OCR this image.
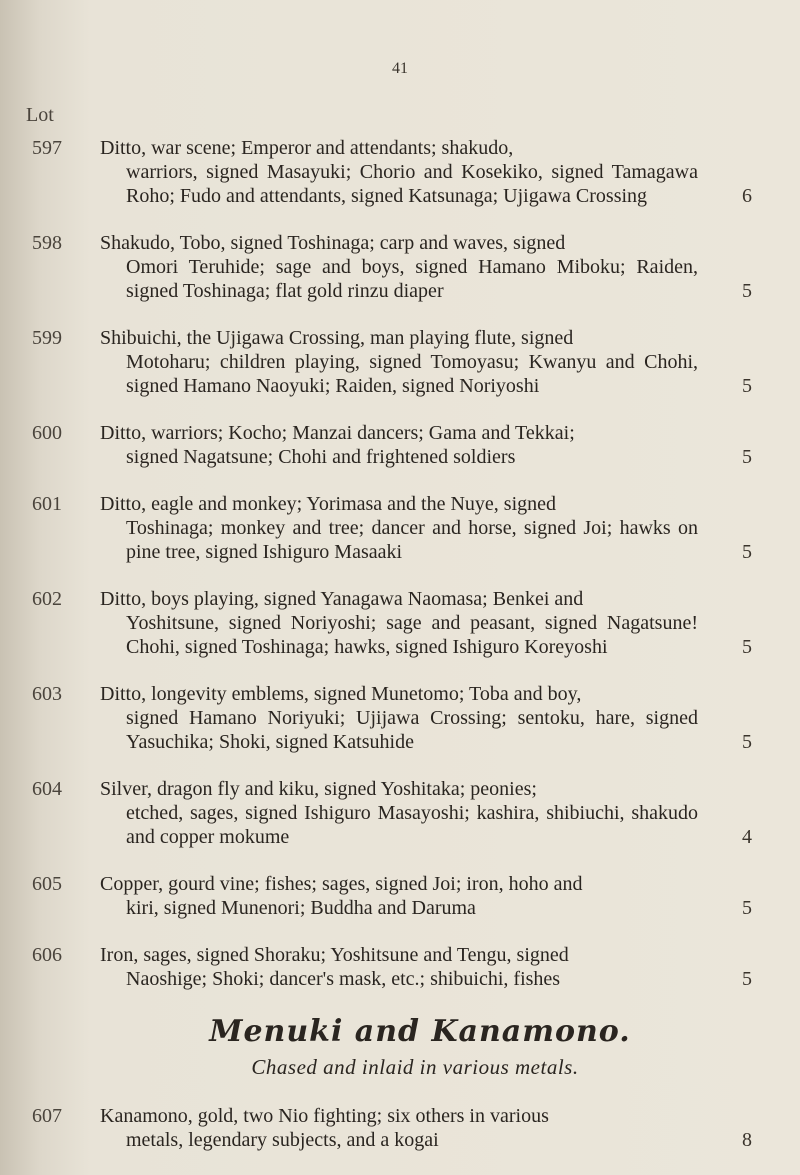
41
Lot
597	Ditto, war scene; Emperor and attendants; shakudo,
warriors, signed Masayuki; Chorio and Kosekiko, signed Tamagawa Roho; Fudo and attendants, signed Katsunaga; Ujigawa Crossing	6
598	Shakudo, Tobo, signed Toshinaga; carp and waves, signed
Omori Teruhide; sage and boys, signed Hamano Miboku; Raiden, signed Toshinaga; flat gold rinzu diaper	5
599	Shibuichi, the Ujigawa Crossing, man playing flute, signed
Motoharu; children playing, signed Tomoyasu; Kwanyu and Chohi, signed Hamano Naoyuki; Raiden, signed Noriyoshi	5
600	Ditto, warriors; Kocho; Manzai dancers; Gama and Tekkai;
signed Nagatsune; Chohi and frightened soldiers	5
601	Ditto, eagle and monkey; Yorimasa and the Nuye, signed
Toshinaga; monkey and tree; dancer and horse, signed Joi; hawks on pine tree, signed Ishiguro Masaaki	5
602	Ditto, boys playing, signed Yanagawa Naomasa; Benkei and
Yoshitsune, signed Noriyoshi; sage and peasant, signed Nagatsune! Chohi, signed Toshinaga; hawks, signed Ishiguro Koreyoshi	5
603	Ditto, longevity emblems, signed Munetomo; Toba and boy,
signed Hamano Noriyuki; Ujijawa Crossing; sentoku, hare, signed Yasuchika; Shoki, signed Katsuhide	5
604	Silver, dragon fly and kiku, signed Yoshitaka; peonies;
etched, sages, signed Ishiguro Masayoshi; kashira, shibiuchi, shakudo and copper mokume	4
605	Copper, gourd vine; fishes; sages, signed Joi; iron, hoho and
kiri, signed Munenori; Buddha and Daruma	5
606	Iron, sages, signed Shoraku; Yoshitsune and Tengu, signed
Naoshige; Shoki; dancer's mask, etc.; shibuichi, fishes	5
Menuki and Kanamono.
Chased and inlaid in various metals.
607	Kanamono, gold, two Nio fighting; six others in various
metals, legendary subjects, and a kogai	8
